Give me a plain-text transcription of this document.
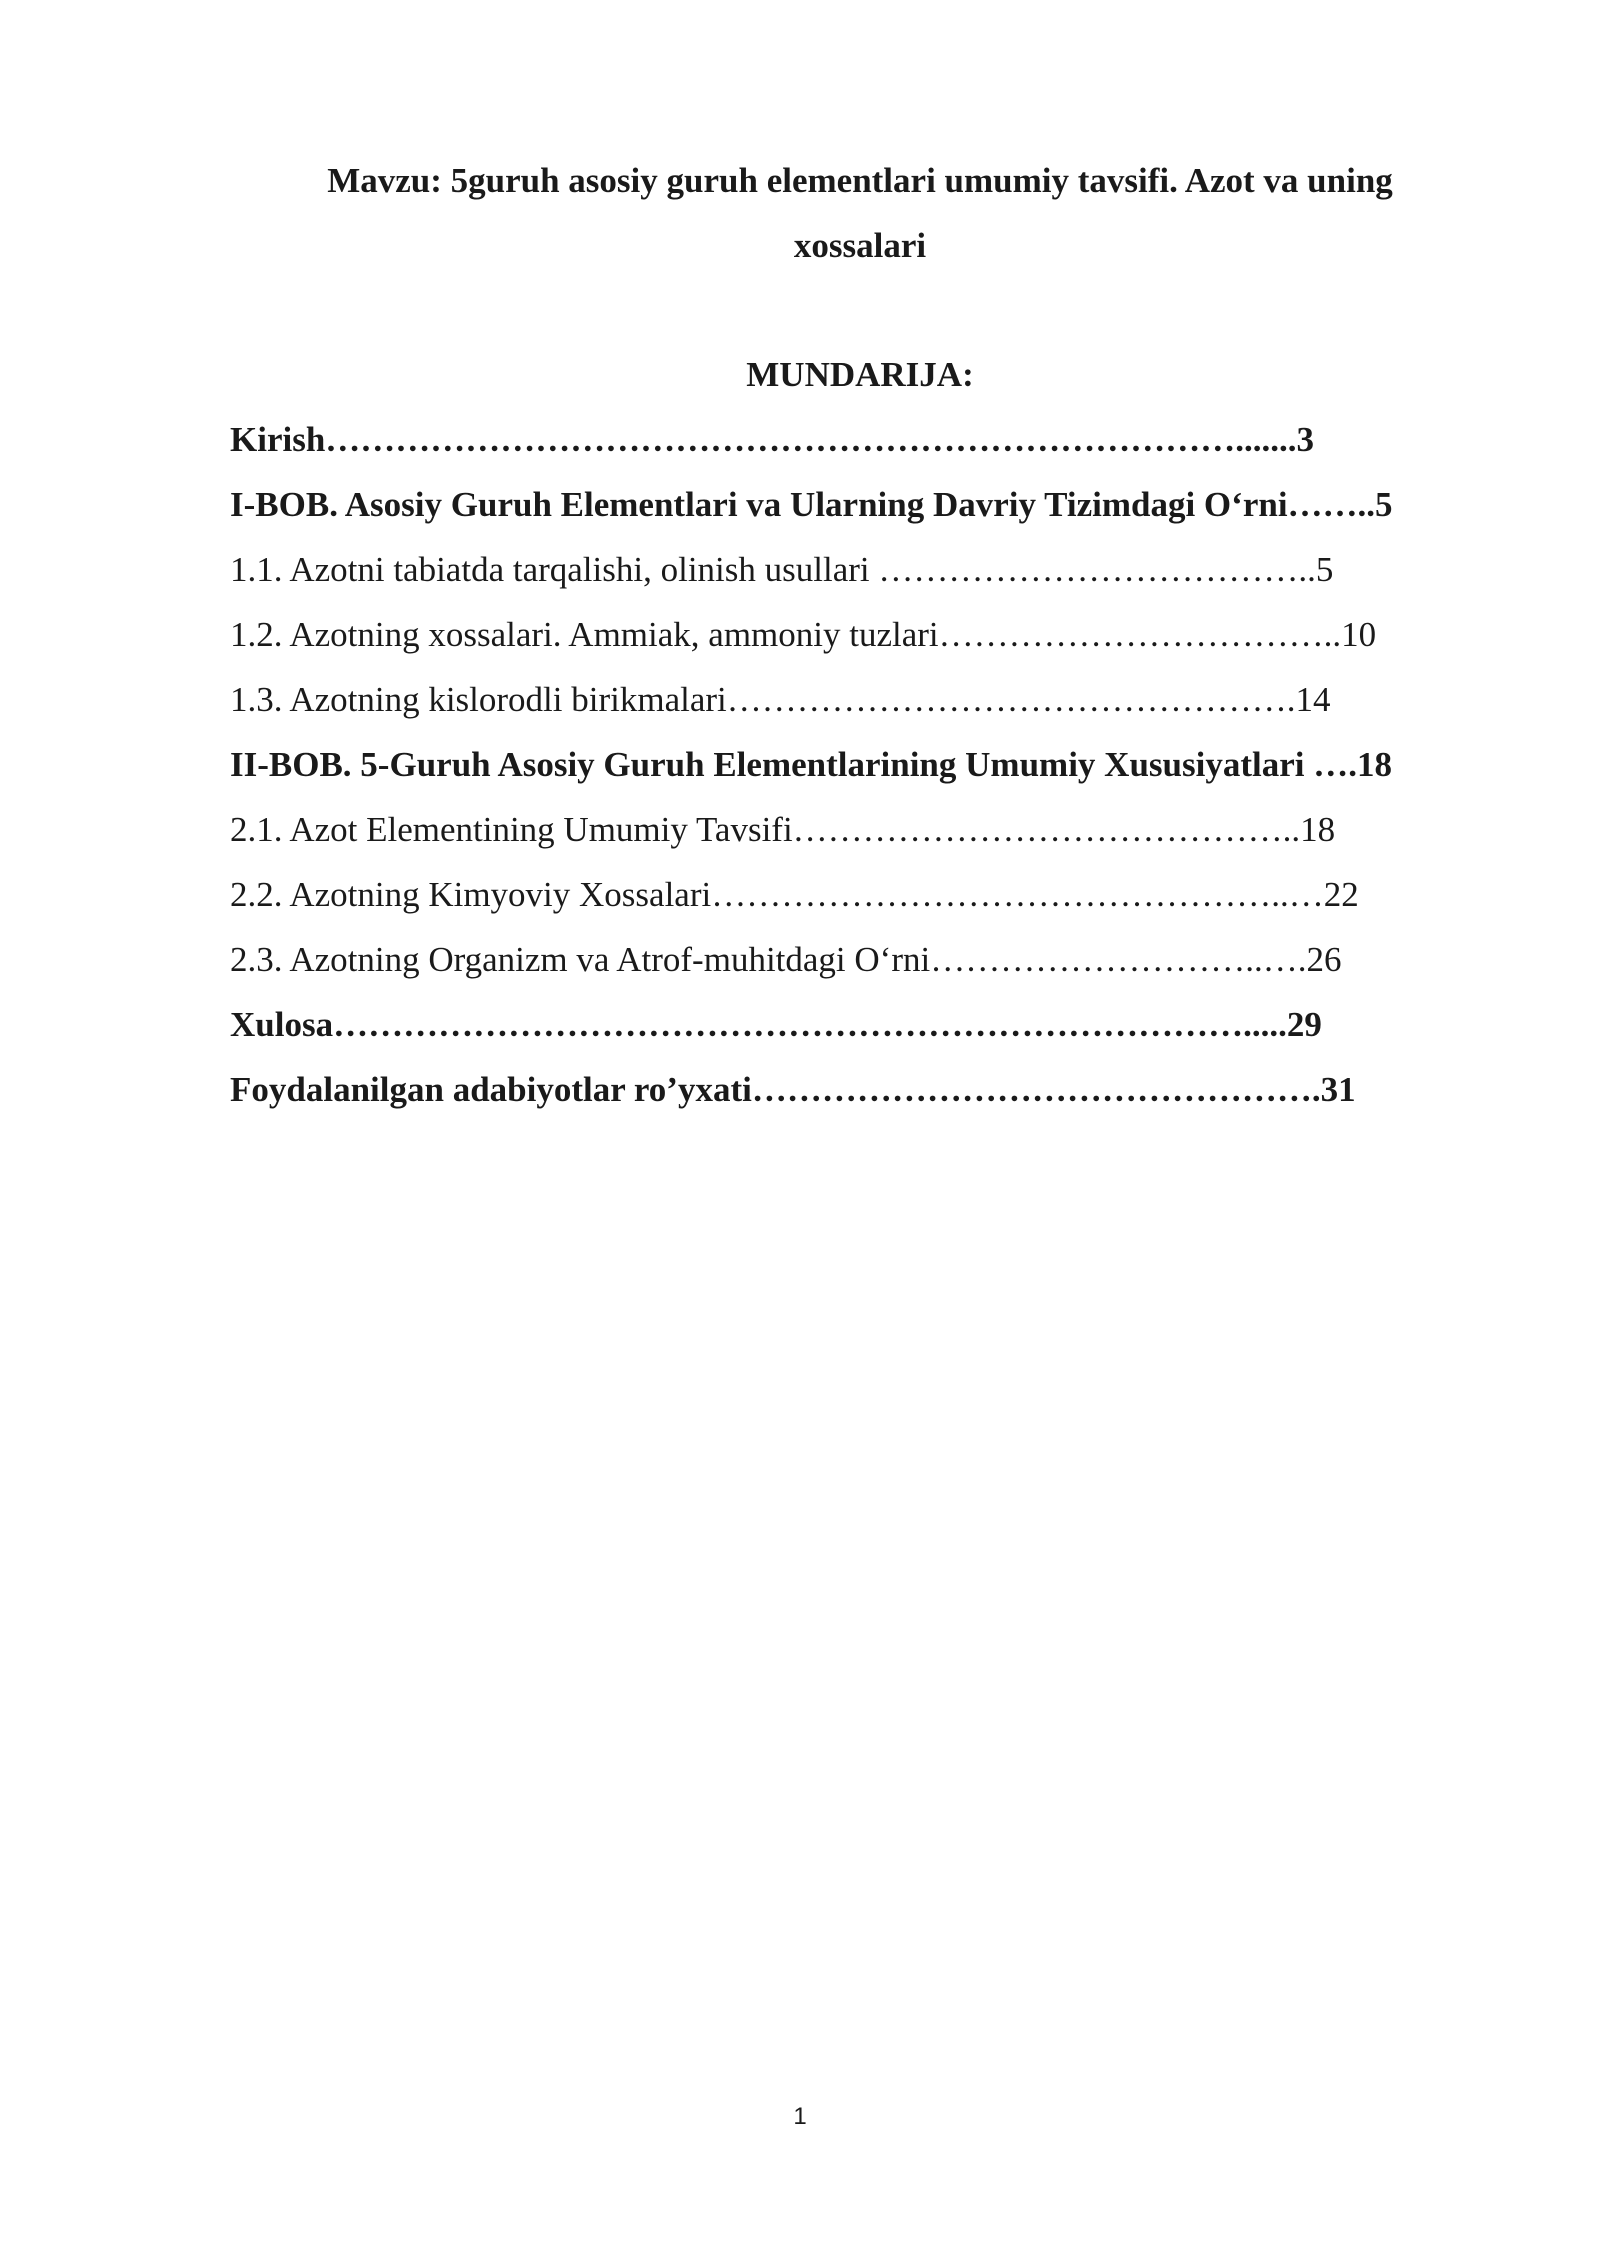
Mavzu: 5guruh asosiy guruh elementlari umumiy tavsifi. Azot va uning
xossalari
MUNDARIJA:
Kirish…………………………………………………………………….......3
I-BOB. Asosiy Guruh Elementlari va Ularning Davriy Tizimdagi O‘rni……..5
1.1. Azotni tabiatda tarqalishi, olinish usullari ………………………………..5
1.2. Azotning xossalari. Ammiak, ammoniy tuzlari……………………………..10
1.3. Azotning kislorodli birikmalari………………………………………….14
II-BOB. 5-Guruh Asosiy Guruh Elementlarining Umumiy Xususiyatlari ….18
2.1. Azot Elementining Umumiy Tavsifi……………………………………..18
2.2. Azotning Kimyoviy Xossalari…………………………………………..…22
2.3. Azotning Organizm va Atrof-muhitdagi O‘rni………………………..….26
Xulosa…………………………………………………………………….....29
Foydalanilgan adabiyotlar ro’yxati………………………………………….31
1
